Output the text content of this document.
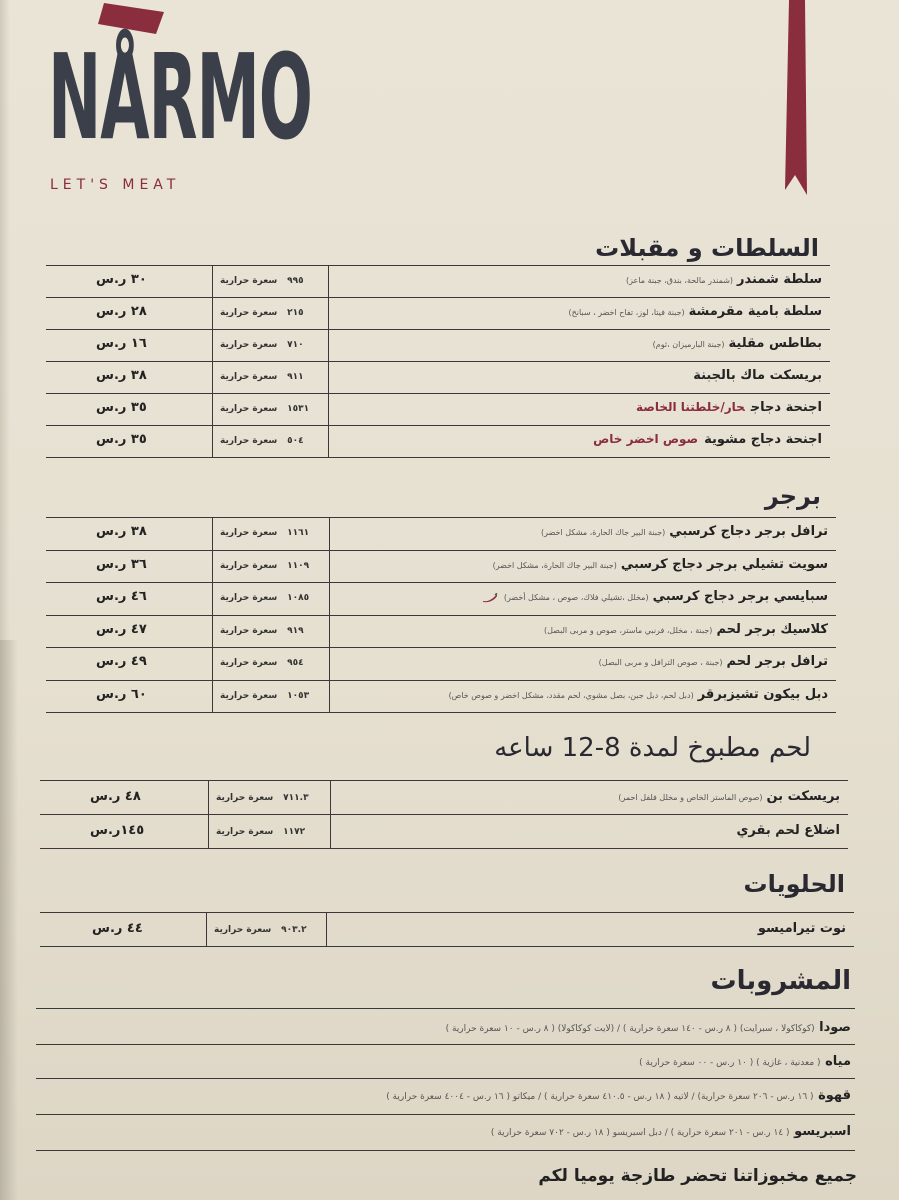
NÅRMO
LET'S MEAT
السلطات و مقبلات
سلطة شمندر(شمندر مالحة، بندق، جبنة ماعز)
٩٩٥سعرة حرارية
٣٠ ر.س
سلطة بامية مقرمشة(جبنة فيتا، لوز، تفاح اخضر ، سبانخ)
٢١٥سعرة حرارية
٢٨ ر.س
بطاطس مقلية(جبنة البارميزان ،ثوم)
٧١٠سعرة حرارية
١٦ ر.س
بريسكت ماك بالجبنة
٩١١سعرة حرارية
٣٨ ر.س
اجنحة دجاجحار/خلطتنا الخاصة
١٥٣١سعرة حرارية
٣٥ ر.س
اجنحة دجاج مشويةصوص اخضر خاص
٥٠٤سعرة حرارية
٣٥ ر.س
برجر
ترافل برجر دجاج كرسبي(جبنة البير جاك الحارة، مشكل اخضر)
١١٦١سعرة حرارية
٣٨ ر.س
سويت تشيلي برجر دجاج كرسبي(جبنة البير جاك الحارة، مشكل اخضر)
١١٠٩سعرة حرارية
٣٦ ر.س
سبايسي برجر دجاج كرسبي(مخلل ،تشيلي فلاك، صوص ، مشكل أخضر)
١٠٨٥سعرة حرارية
٤٦ ر.س
كلاسيك برجر لحم(جبنة ، مخلل، فرنبي ماستر، صوص و مربى البصل)
٩١٩سعرة حرارية
٤٧ ر.س
ترافل برجر لحم(جبنة ، صوص الترافل و مربى البصل)
٩٥٤سعرة حرارية
٤٩ ر.س
دبل بيكون تشيزبرقر(دبل لحم، دبل جبن، بصل مشوي، لحم مقدد، مشكل اخضر و صوص خاص)
١٠٥٣سعرة حرارية
٦٠ ر.س
لحم مطبوخ لمدة 8-12 ساعه
بريسكت بن(صوص الماستر الخاص و مخلل فلفل احمر)
٧١١.٣سعرة حرارية
٤٨ ر.س
اضلاع لحم بقري
١١٧٢سعرة حرارية
١٤٥ر.س
الحلويات
نوت تيراميسو
٩٠٣.٢سعرة حرارية
٤٤ ر.س
المشروبات
صودا (كوكاكولا ، سبرايت) ( ٨ ر.س - ١٤٠ سعرة حرارية ) / (لايت كوكاكولا) ( ٨ ر.س - ١٠ سعرة حرارية )
مياه ( معدنية ، غازية ) ( ١٠ ر.س - ٠٠ سعرة حرارية )
قهوة ( ١٦ ر.س - ٢٠٦ سعرة حرارية) / لاتيه ( ١٨ ر.س - ٤١٠.٥ سعرة حرارية ) / ميكاتو ( ١٦ ر.س - ٤٠٠٤ سعرة حرارية )
اسبريسو ( ١٤ ر.س - ٢٠١ سعرة حرارية ) / دبل اسبريسو ( ١٨ ر.س - ٧٠٢ سعرة حرارية )
جميع مخبوزاتنا تحضر طازجة يوميا لكم
